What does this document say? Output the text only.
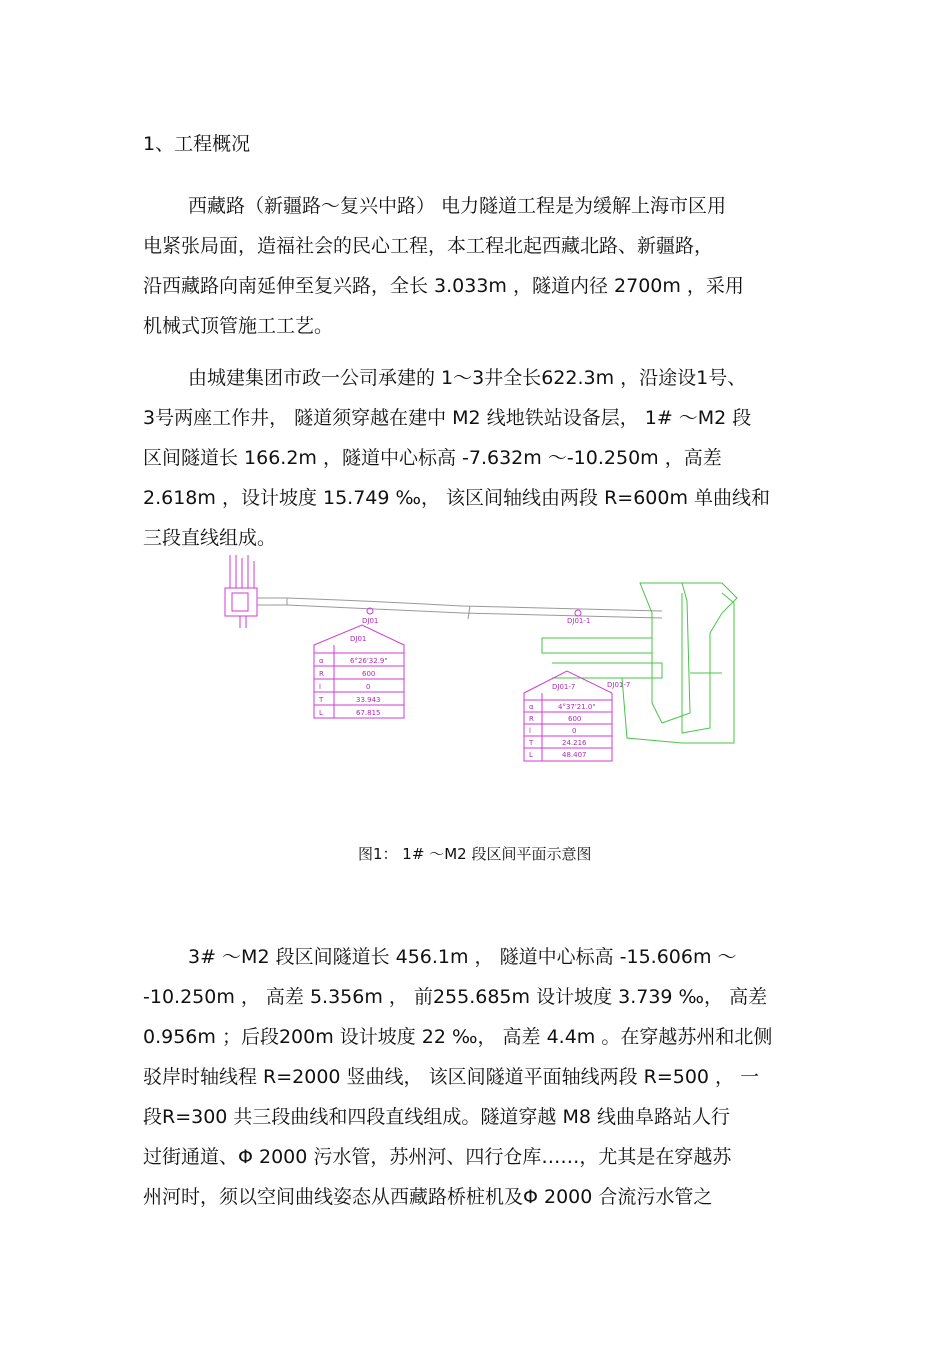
1、工程概况
西藏路（新疆路～复兴中路） 电力隧道工程是为缓解上海市区用
电紧张局面，造福社会的民心工程，本工程北起西藏北路、新疆路，
沿西藏路向南延伸至复兴路，全长 3.033m ，隧道内径 2700m ，采用
机械式顶管施工工艺。
由城建集团市政一公司承建的 1～3井全长622.3m ，沿途设1号、
3号两座工作井， 隧道须穿越在建中 M2 线地铁站设备层， 1# ～M2 段
区间隧道长 166.2m ，隧道中心标高 -7.632m ～-10.250m ，高差
2.618m ，设计坡度 15.749 ‰， 该区间轴线由两段 R=600m 单曲线和
三段直线组成。
DJ01	DJ01-1
DJ01
α	6°26'32.9"
R	600
l	0
T	33.943
L	67.815
DJ01-7
α	4°37'21.0"
R	600
l	0
T	24.216
L	48.407
DJ01-7
图1： 1# ～M2 段区间平面示意图
3# ～M2 段区间隧道长 456.1m ， 隧道中心标高 -15.606m ～
-10.250m ， 高差 5.356m ， 前255.685m 设计坡度 3.739 ‰， 高差
0.956m ；后段200m 设计坡度 22 ‰， 高差 4.4m 。在穿越苏州和北侧
驳岸时轴线程 R=2000 竖曲线， 该区间隧道平面轴线两段 R=500 ， 一
段R=300 共三段曲线和四段直线组成。隧道穿越 M8 线曲阜路站人行
过街通道、Φ 2000 污水管，苏州河、四行仓库……，尤其是在穿越苏
州河时，须以空间曲线姿态从西藏路桥桩机及Φ 2000 合流污水管之
